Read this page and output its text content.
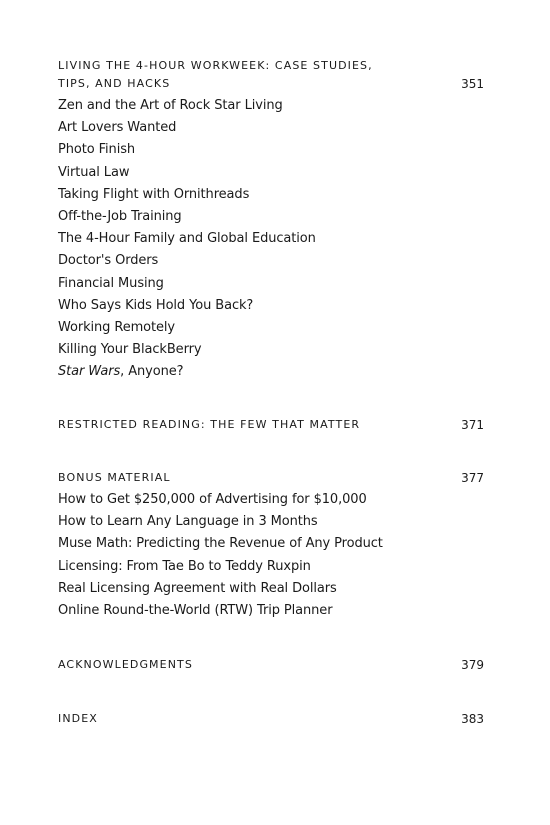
LIVING THE 4-HOUR WORKWEEK: CASE STUDIES, TIPS, AND HACKS	351
Zen and the Art of Rock Star Living
Art Lovers Wanted
Photo Finish
Virtual Law
Taking Flight with Ornithreads
Off-the-Job Training
The 4-Hour Family and Global Education
Doctor's Orders
Financial Musing
Who Says Kids Hold You Back?
Working Remotely
Killing Your BlackBerry
Star Wars, Anyone?
RESTRICTED READING: THE FEW THAT MATTER	371
BONUS MATERIAL	377
How to Get $250,000 of Advertising for $10,000
How to Learn Any Language in 3 Months
Muse Math: Predicting the Revenue of Any Product
Licensing: From Tae Bo to Teddy Ruxpin
Real Licensing Agreement with Real Dollars
Online Round-the-World (RTW) Trip Planner
ACKNOWLEDGMENTS	379
INDEX	383
